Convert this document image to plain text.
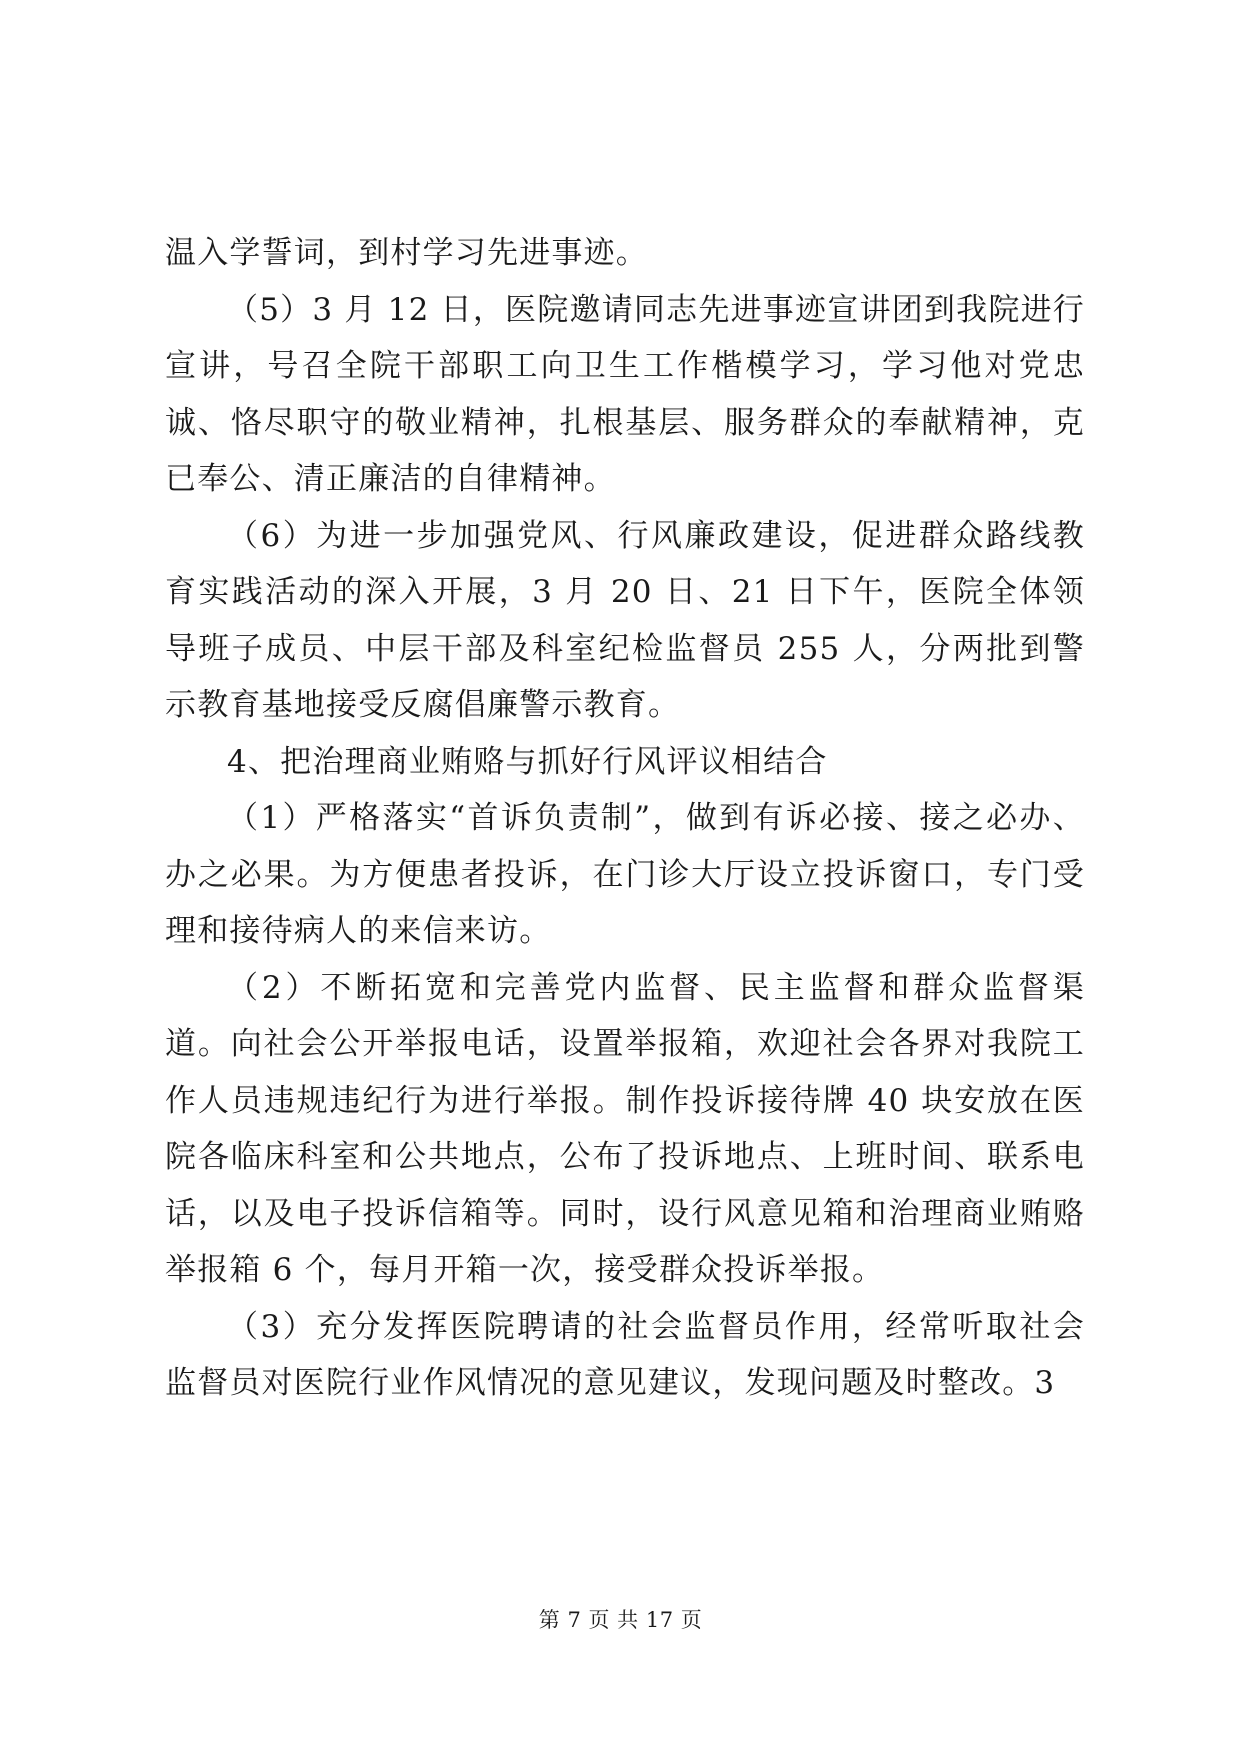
温入学誓词，到村学习先进事迹。

（5）3 月 12 日，医院邀请同志先进事迹宣讲团到我院进行宣讲，号召全院干部职工向卫生工作楷模学习，学习他对党忠诚、恪尽职守的敬业精神，扎根基层、服务群众的奉献精神，克已奉公、清正廉洁的自律精神。

（6）为进一步加强党风、行风廉政建设，促进群众路线教育实践活动的深入开展，3 月 20 日、21 日下午，医院全体领导班子成员、中层干部及科室纪检监督员 255 人，分两批到警示教育基地接受反腐倡廉警示教育。

4、把治理商业贿赂与抓好行风评议相结合

（1）严格落实“首诉负责制”，做到有诉必接、接之必办、办之必果。为方便患者投诉，在门诊大厅设立投诉窗口，专门受理和接待病人的来信来访。

（2）不断拓宽和完善党内监督、民主监督和群众监督渠道。向社会公开举报电话，设置举报箱，欢迎社会各界对我院工作人员违规违纪行为进行举报。制作投诉接待牌 40 块安放在医院各临床科室和公共地点，公布了投诉地点、上班时间、联系电话，以及电子投诉信箱等。同时，设行风意见箱和治理商业贿赂举报箱 6 个，每月开箱一次，接受群众投诉举报。

（3）充分发挥医院聘请的社会监督员作用，经常听取社会监督员对医院行业作风情况的意见建议，发现问题及时整改。3

第 7 页 共 17 页
